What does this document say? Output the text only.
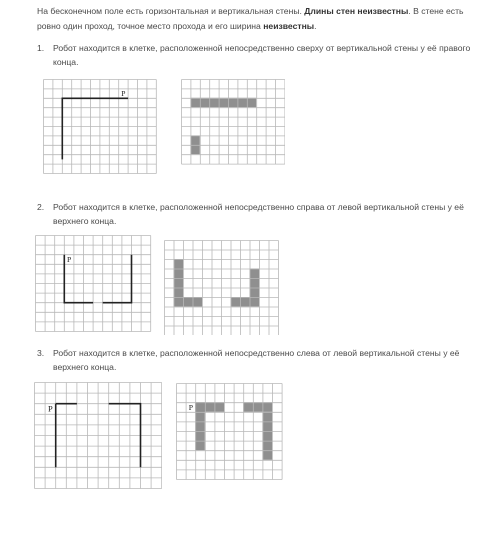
На бесконечном поле есть горизонтальная и вертикальная стены. Длины стен неизвестны. В стене есть ровно один проход, точное место прохода и его ширина неизвестны.

1. Робот находится в клетке, расположенной непосредственно сверху от вертикальной стены у её правого конца.

Р

2. Робот находится в клетке, расположенной непосредственно справа от левой вертикальной стены у её верхнего конца.

Р

3. Робот находится в клетке, расположенной непосредственно слева от левой вертикальной стены у её верхнего конца.

Р	Р
